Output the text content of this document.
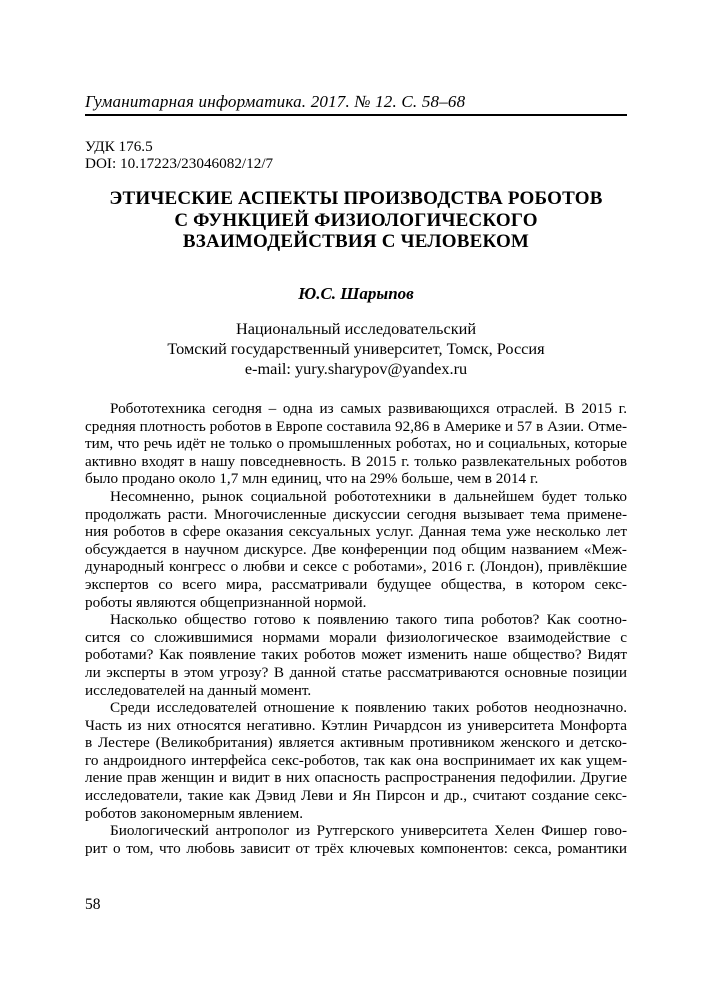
Гуманитарная информатика. 2017. № 12. С. 58–68
УДК 176.5
DOI: 10.17223/23046082/12/7
ЭТИЧЕСКИЕ АСПЕКТЫ ПРОИЗВОДСТВА РОБОТОВ
С ФУНКЦИЕЙ ФИЗИОЛОГИЧЕСКОГО
ВЗАИМОДЕЙСТВИЯ С ЧЕЛОВЕКОМ
Ю.С. Шарыпов
Национальный исследовательский
Томский государственный университет, Томск, Россия
e-mail: yury.sharypov@yandex.ru
Робототехника сегодня – одна из самых развивающихся отраслей. В 2015 г.
средняя плотность роботов в Европе составила 92,86 в Америке и 57 в Азии. Отме-
тим, что речь идёт не только о промышленных роботах, но и социальных, которые
активно входят в нашу повседневность. В 2015 г. только развлекательных роботов
было продано около 1,7 млн единиц, что на 29% больше, чем в 2014 г.
Несомненно, рынок социальной робототехники в дальнейшем будет только
продолжать расти. Многочисленные дискуссии сегодня вызывает тема примене-
ния роботов в сфере оказания сексуальных услуг. Данная тема уже несколько лет
обсуждается в научном дискурсе. Две конференции под общим названием «Меж-
дународный конгресс о любви и сексе с роботами», 2016 г. (Лондон), привлёкшие
экспертов со всего мира, рассматривали будущее общества, в котором секс-
роботы являются общепризнанной нормой.
Насколько общество готово к появлению такого типа роботов? Как соотно-
сится со сложившимися нормами морали физиологическое взаимодействие с
роботами? Как появление таких роботов может изменить наше общество? Видят
ли эксперты в этом угрозу? В данной статье рассматриваются основные позиции
исследователей на данный момент.
Среди исследователей отношение к появлению таких роботов неоднозначно.
Часть из них относятся негативно. Кэтлин Ричардсон из университета Монфорта
в Лестере (Великобритания) является активным противником женского и детско-
го андроидного интерфейса секс-роботов, так как она воспринимает их как ущем-
ление прав женщин и видит в них опасность распространения педофилии. Другие
исследователи, такие как Дэвид Леви и Ян Пирсон и др., считают создание секс-
роботов закономерным явлением.
Биологический антрополог из Рутгерского университета Хелен Фишер гово-
рит о том, что любовь зависит от трёх ключевых компонентов: секса, романтики
58
